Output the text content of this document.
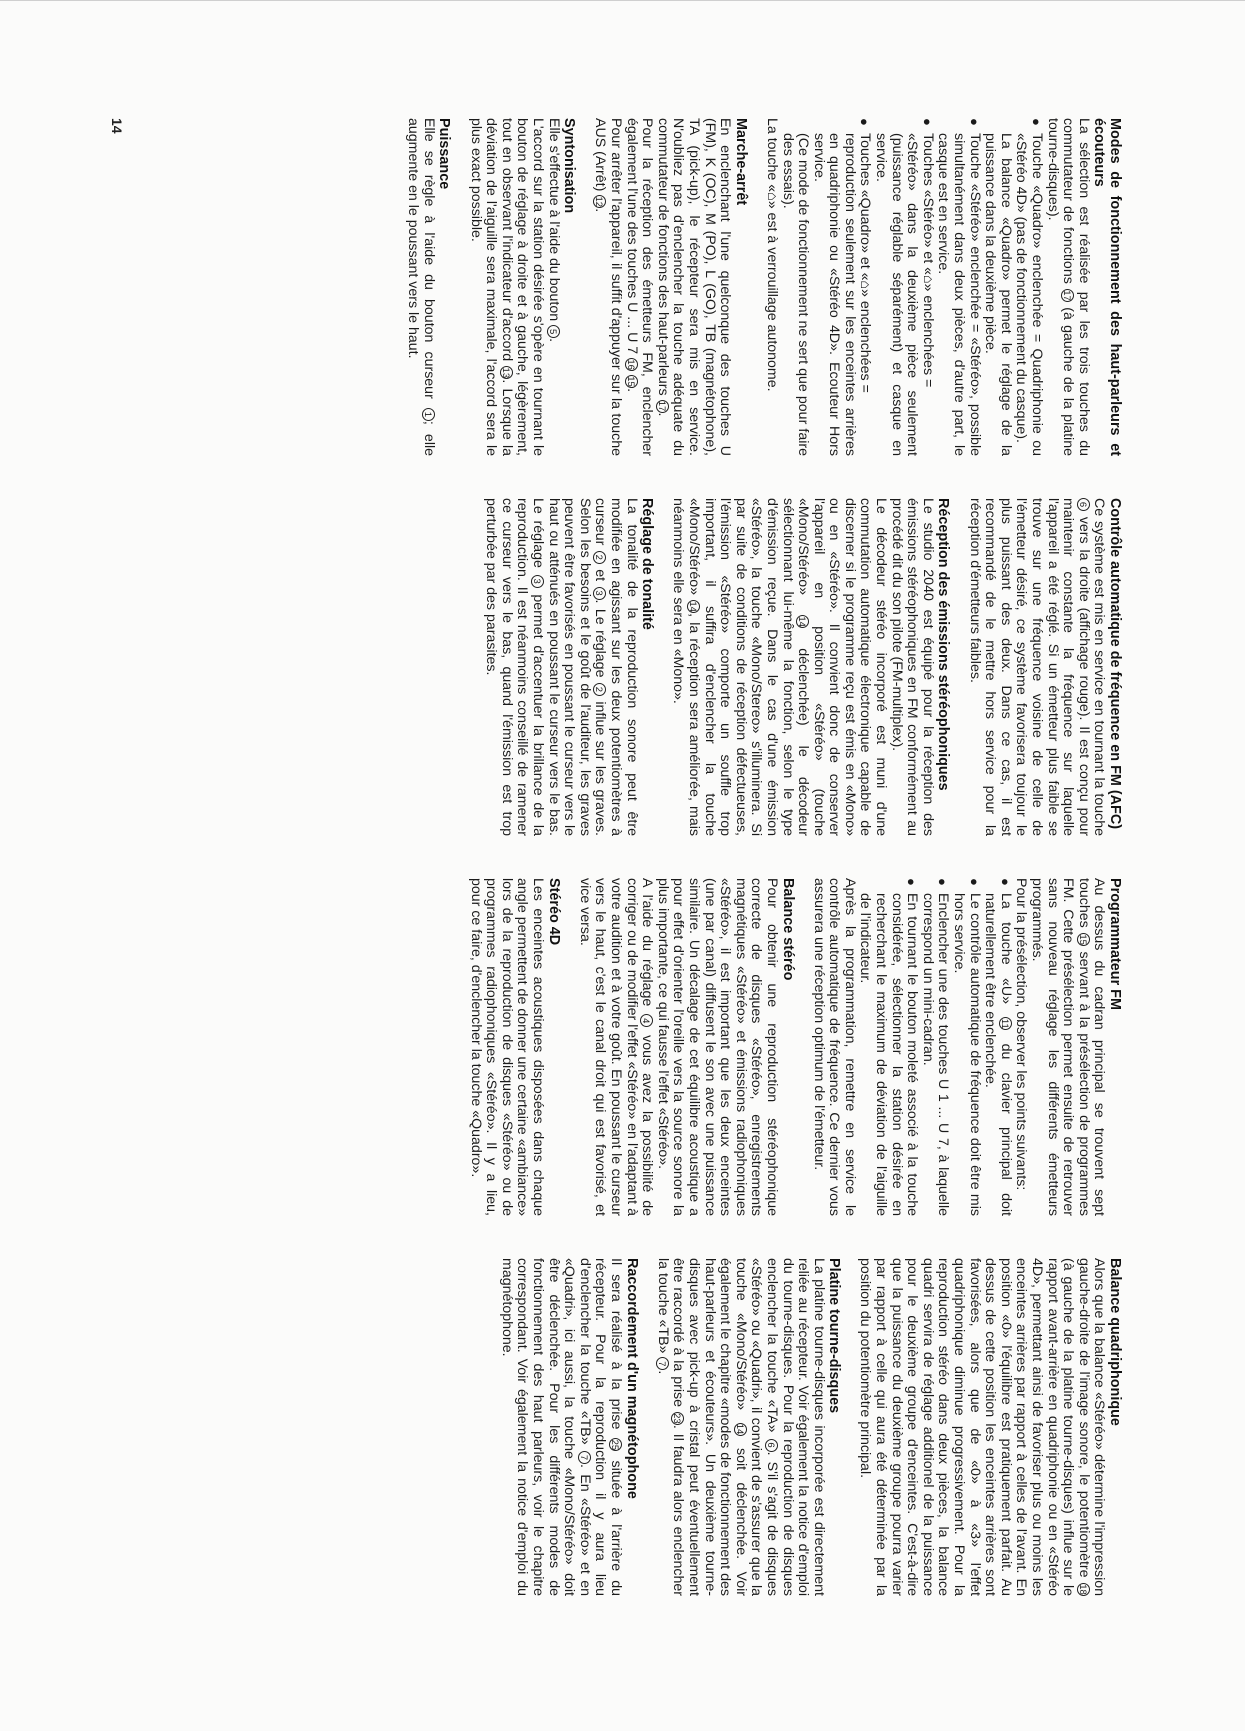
Modes de fonctionnement des haut-parleurs et écouteurs

La sélection est réalisée par les trois touches du commutateur de fonctions 17 (à gauche de la platine tourne-disques).

●
Touche «Quadro» enclenchée = Quadriphonie ou «Stéréo 4D» (pas de fonctionnement du casque).
La balance «Quadro» permet le réglage de la puissance dans la deuxième pièce.
●
Touche «Stéréo» enclenchée = «Stéréo», possible simultanément dans deux pièces, d'autre part, le casque est en service.
●
Touches «Stéréo» et «⌂» enclenchées =
«Stéréo» dans la deuxième pièce seulement (puissance réglable séparément) et casque en service.
●
Touches «Quadro» et «⌂» enclenchées =
reproduction seulement sur les enceintes arrières en quadriphonie ou «Stéréo 4D». Ecouteur Hors service.
(Ce mode de fonctionnement ne sert que pour faire des essais).

La touche «⌂» est à verrouillage autonome.

Marche-arrêt

En enclenchant l'une quelconque des touches U (FM), K (OC), M (PO), L (GO), TB (magnétophone), TA (pick-up), le récepteur sera mis en service. N'oubliez pas d'enclencher la touche adéquate du commutateur de fonctions des haut-parleurs 17.

Pour la réception des émetteurs FM, enclencher également l'une des touches U ... U 7 16 15.

Pour arrêter l'appareil, il suffit d'appuyer sur la touche AUS (Arrêt) 12.

Syntonisation

Elle s'effectue à l'aide du bouton 5.

L'accord sur la station désirée s'opère en tournant le bouton de réglage à droite et à gauche, légèrement, tout en observant l'indicateur d'accord 13. Lorsque la déviation de l'aiguille sera maximale, l'accord sera le plus exact possible.

Puissance

Elle se règle à l'aide du bouton curseur 1; elle augmente en le poussant vers le haut.

Contrôle automatique de fréquence en FM (AFC)

Ce système est mis en service en tournant la touche 6 vers la droite (affichage rouge). Il est conçu pour maintenir constante la fréquence sur laquelle l'appareil a été réglé. Si un émetteur plus faible se trouve sur une fréquence voisine de celle de l'émetteur désiré, ce système favorisera toujour le plus puissant des deux. Dans ce cas, il est recommandé de le mettre hors service pour la réception d'émetteurs faibles.

Réception des émissions stéréophoniques

Le studio 2040 est équipé pour la réception des émissions stéréophoniques en FM conformément au procédé dit du son pilote (FM-multiplex).

Le décodeur stéréo incorporé est muni d'une commutation automatique électronique capable de discerner si le programme reçu est émis en «Mono» ou en «Stéréo». Il convient donc de conserver l'appareil en position «Stéréo» (touche «Mono/Stéréo» 14 déclenchée) le décodeur sélectionnant lui-même la fonction, selon le type d'émission reçue. Dans le cas d'une émission «Stéréo», la touche «Mono/Stereo» s'illuminera. Si par suite de conditions de réception défectueuses, l'émission «Stéréo» comporte un souffle trop important, il suffira d'enclencher la touche «Mono/Stéréo» 14, la réception sera améliorée, mais néanmoins elle sera en «Mono».

Réglage de tonalité

La tonalité de la reproduction sonore peut être modifiée en agissant sur les deux potentiomètres à curseur 2 et 3. Le réglage 2 influe sur les graves. Selon les besoins et le goût de l'auditeur, les graves peuvent être favorisés en poussant le curseur vers le haut ou atténués en poussant le curseur vers le bas. Le réglage 3 permet d'accentuer la brillance de la reproduction. Il est néanmoins conseillé de ramener ce curseur vers le bas, quand l'émission est trop perturbée par des parasites.

Programmateur FM

Au dessus du cadran principal se trouvent sept touches 15 servant à la présélection de programmes FM. Cette présélection permet ensuite de retrouver sans nouveau réglage les différents émetteurs programmés.

Pour la présélection, observer les points suivants:

●
La touche «U» 11 du clavier principal doit naturellement être enclenchée.
●
Le contrôle automatique de fréquence doit être mis hors service.
●
Enclencher une des touches U 1 ... U 7, à laquelle correspond un mini-cadran.
●
En tournant le bouton moleté associé à la touche considérée, sélectionner la station désirée en recherchant le maximum de déviation de l'aiguille de l'indicateur.

Après la programmation, remettre en service le contrôle automatique de fréquence. Ce dernier vous assurera une réception optimum de l'émetteur.

Balance stéréo

Pour obtenir une reproduction stéréophonique correcte de disques «Stéréo», enregistrements magnétiques «Stéréo» et émissions radiophoniques «Stéréo», il est important que les deux enceintes (une par canal) diffusent le son avec une puissance similaire. Un décalage de cet équilibre acoustique a pour effet d'orienter l'oreille vers la source sonore la plus importante, ce qui fausse l'effet «Stéréo».

A l'aide du réglage 4 vous avez la possibilité de corriger ou de modifier l'effet «Stéréo» en l'adaptant à votre audition et à votre goût. En poussant le curseur vers le haut, c'est le canal droit qui est favorisé, et vice versa.

Stéréo 4D

Les enceintes acoustiques disposées dans chaque angle permettent de donner une certaine «ambiance» lors de la reproduction de disques «Stéréo» ou de programmes radiophoniques «Stéréo». Il y a lieu, pour ce faire, d'enclencher la touche «Quadro».

Balance quadriphonique

Alors que la balance «Stéréo» détermine l'impression gauche-droite de l'image sonore, le potentiomètre 18 (à gauche de la platine tourne-disques) influe sur le rapport avant-arrière en quadriphonie ou en «Stéréo 4D», permettant ainsi de favoriser plus ou moins les enceintes arrières par rapport à celles de l'avant. En position «0» l'équilibre est pratiquement parfait. Au dessus de cette position les enceintes arrières sont favorisées, alors que de «0» à «3» l'effet quadriphonique diminue progressivement. Pour la reproduction stéréo dans deux pièces, la balance quadri servira de réglage additionel de la puissance pour le deuxième groupe d'enceintes. C'est-à-dire que la puissance du deuxième groupe pourra varier par rapport à celle qui aura été déterminée par la position du potentiomètre principal.

Platine tourne-disques

La platine tourne-disques incorporée est directement reliée au récepteur. Voir également la notice d'emploi du tourne-disques. Pour la reproduction de disques enclencher la touche «TA» 6. S'il s'agit de disques «Stéréo» ou «Quadri», il convient de s'assurer que la touche «Mono/Stéréo» 14 soit déclenchée. Voir également le chapitre «modes de fonctionnement des haut-parleurs et écouteurs». Un deuxième tourne-disques avec pick-up à cristal peut éventuellement être raccordé à la prise 23. Il faudra alors enclencher la touche «TB» 7.

Raccordement d'un magnétophone

Il sera réalisé à la prise 25 située à l'arrière du récepteur. Pour la reproduction il y aura lieu d'enclencher la touche «TB» 7. En «Stéréo» et en «Quadri», ici aussi, la touche «Mono/Stéréo» doit être déclenchée. Pour les différents modes de fonctionnement des haut parleurs, voir le chapitre correspondant. Voir également la notice d'emploi du magnétophone.

14
